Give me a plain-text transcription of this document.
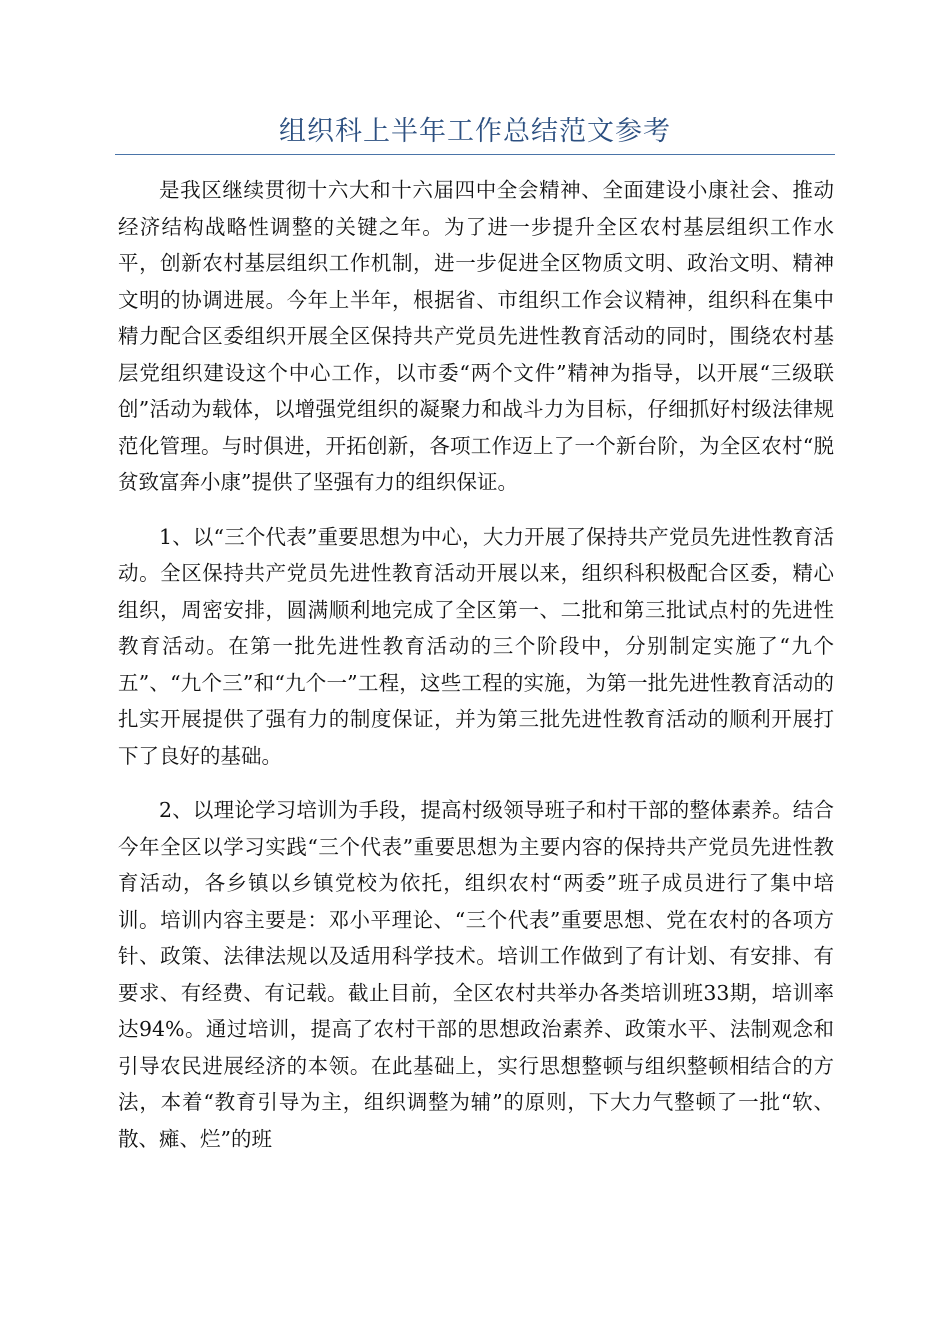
组织科上半年工作总结范文参考

是我区继续贯彻十六大和十六届四中全会精神、全面建设小康社会、推动经济结构战略性调整的关键之年。为了进一步提升全区农村基层组织工作水平，创新农村基层组织工作机制，进一步促进全区物质文明、政治文明、精神文明的协调进展。今年上半年，根据省、市组织工作会议精神，组织科在集中精力配合区委组织开展全区保持共产党员先进性教育活动的同时，围绕农村基层党组织建设这个中心工作，以市委“两个文件”精神为指导，以开展“三级联创”活动为载体，以增强党组织的凝聚力和战斗力为目标，仔细抓好村级法律规范化管理。与时俱进，开拓创新，各项工作迈上了一个新台阶，为全区农村“脱贫致富奔小康”提供了坚强有力的组织保证。

1、以“三个代表”重要思想为中心，大力开展了保持共产党员先进性教育活动。全区保持共产党员先进性教育活动开展以来，组织科积极配合区委，精心组织，周密安排，圆满顺利地完成了全区第一、二批和第三批试点村的先进性教育活动。在第一批先进性教育活动的三个阶段中，分别制定实施了“九个五”、“九个三”和“九个一”工程，这些工程的实施，为第一批先进性教育活动的扎实开展提供了强有力的制度保证，并为第三批先进性教育活动的顺利开展打下了良好的基础。

2、以理论学习培训为手段，提高村级领导班子和村干部的整体素养。结合今年全区以学习实践“三个代表”重要思想为主要内容的保持共产党员先进性教育活动，各乡镇以乡镇党校为依托，组织农村“两委”班子成员进行了集中培训。培训内容主要是：邓小平理论、“三个代表”重要思想、党在农村的各项方针、政策、法律法规以及适用科学技术。培训工作做到了有计划、有安排、有要求、有经费、有记载。截止目前，全区农村共举办各类培训班33期，培训率达94%。通过培训，提高了农村干部的思想政治素养、政策水平、法制观念和引导农民进展经济的本领。在此基础上，实行思想整顿与组织整顿相结合的方法，本着“教育引导为主，组织调整为辅”的原则，下大力气整顿了一批“软、散、瘫、烂”的班
